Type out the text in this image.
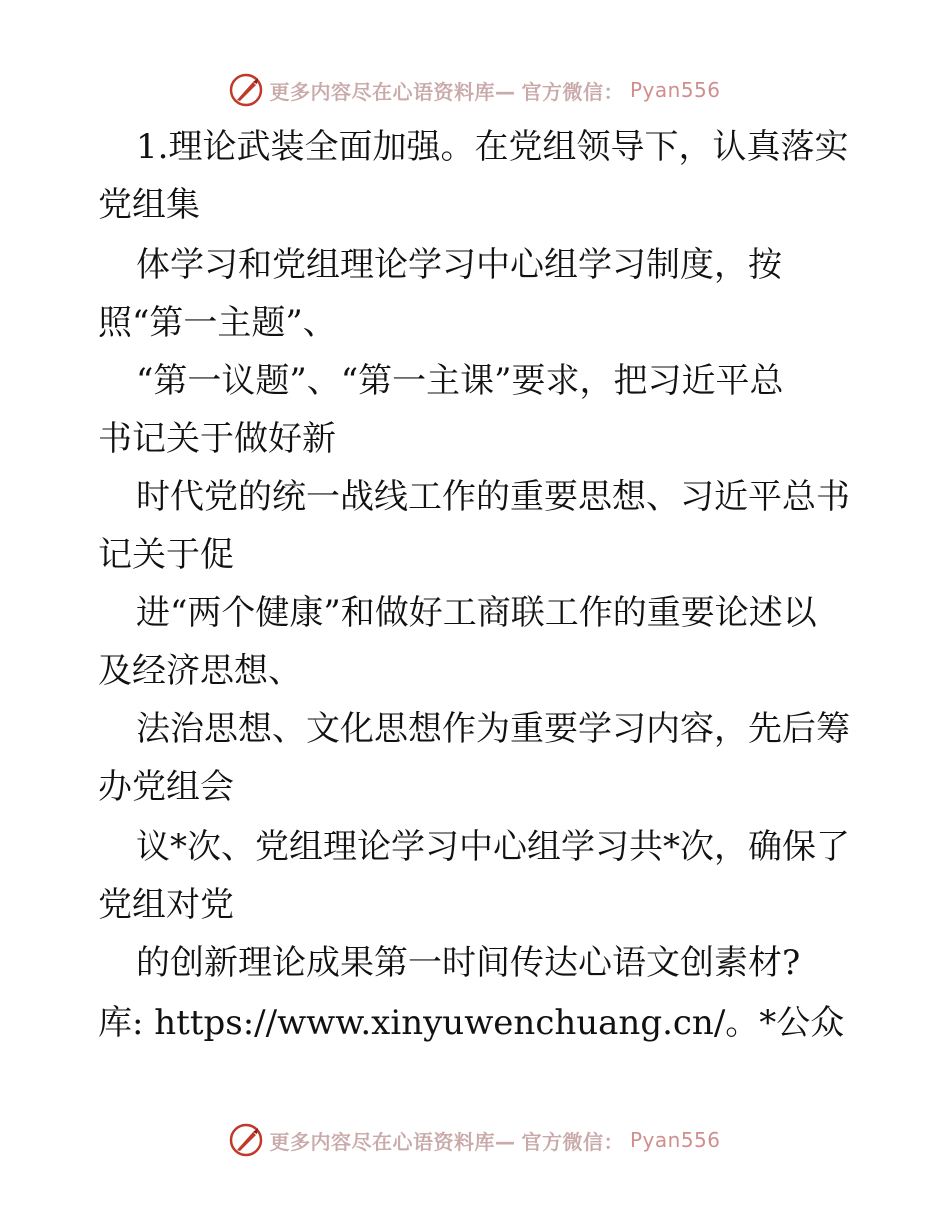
更多内容尽在心语资料库— 官方微信： Pyan556
1.理论武装全面加强。在党组领导下，认真落实
党组集
体学习和党组理论学习中心组学习制度，按
照“第一主题”、
“第一议题”、“第一主课”要求，把习近平总
书记关于做好新
时代党的统一战线工作的重要思想、习近平总书
记关于促
进“两个健康”和做好工商联工作的重要论述以
及经济思想、
法治思想、文化思想作为重要学习内容，先后筹
办党组会
议*次、党组理论学习中心组学习共*次，确保了
党组对党
的创新理论成果第一时间传达心语文创素材?
库: https://www.xinyuwenchuang.cn/。*公众
更多内容尽在心语资料库— 官方微信： Pyan556
